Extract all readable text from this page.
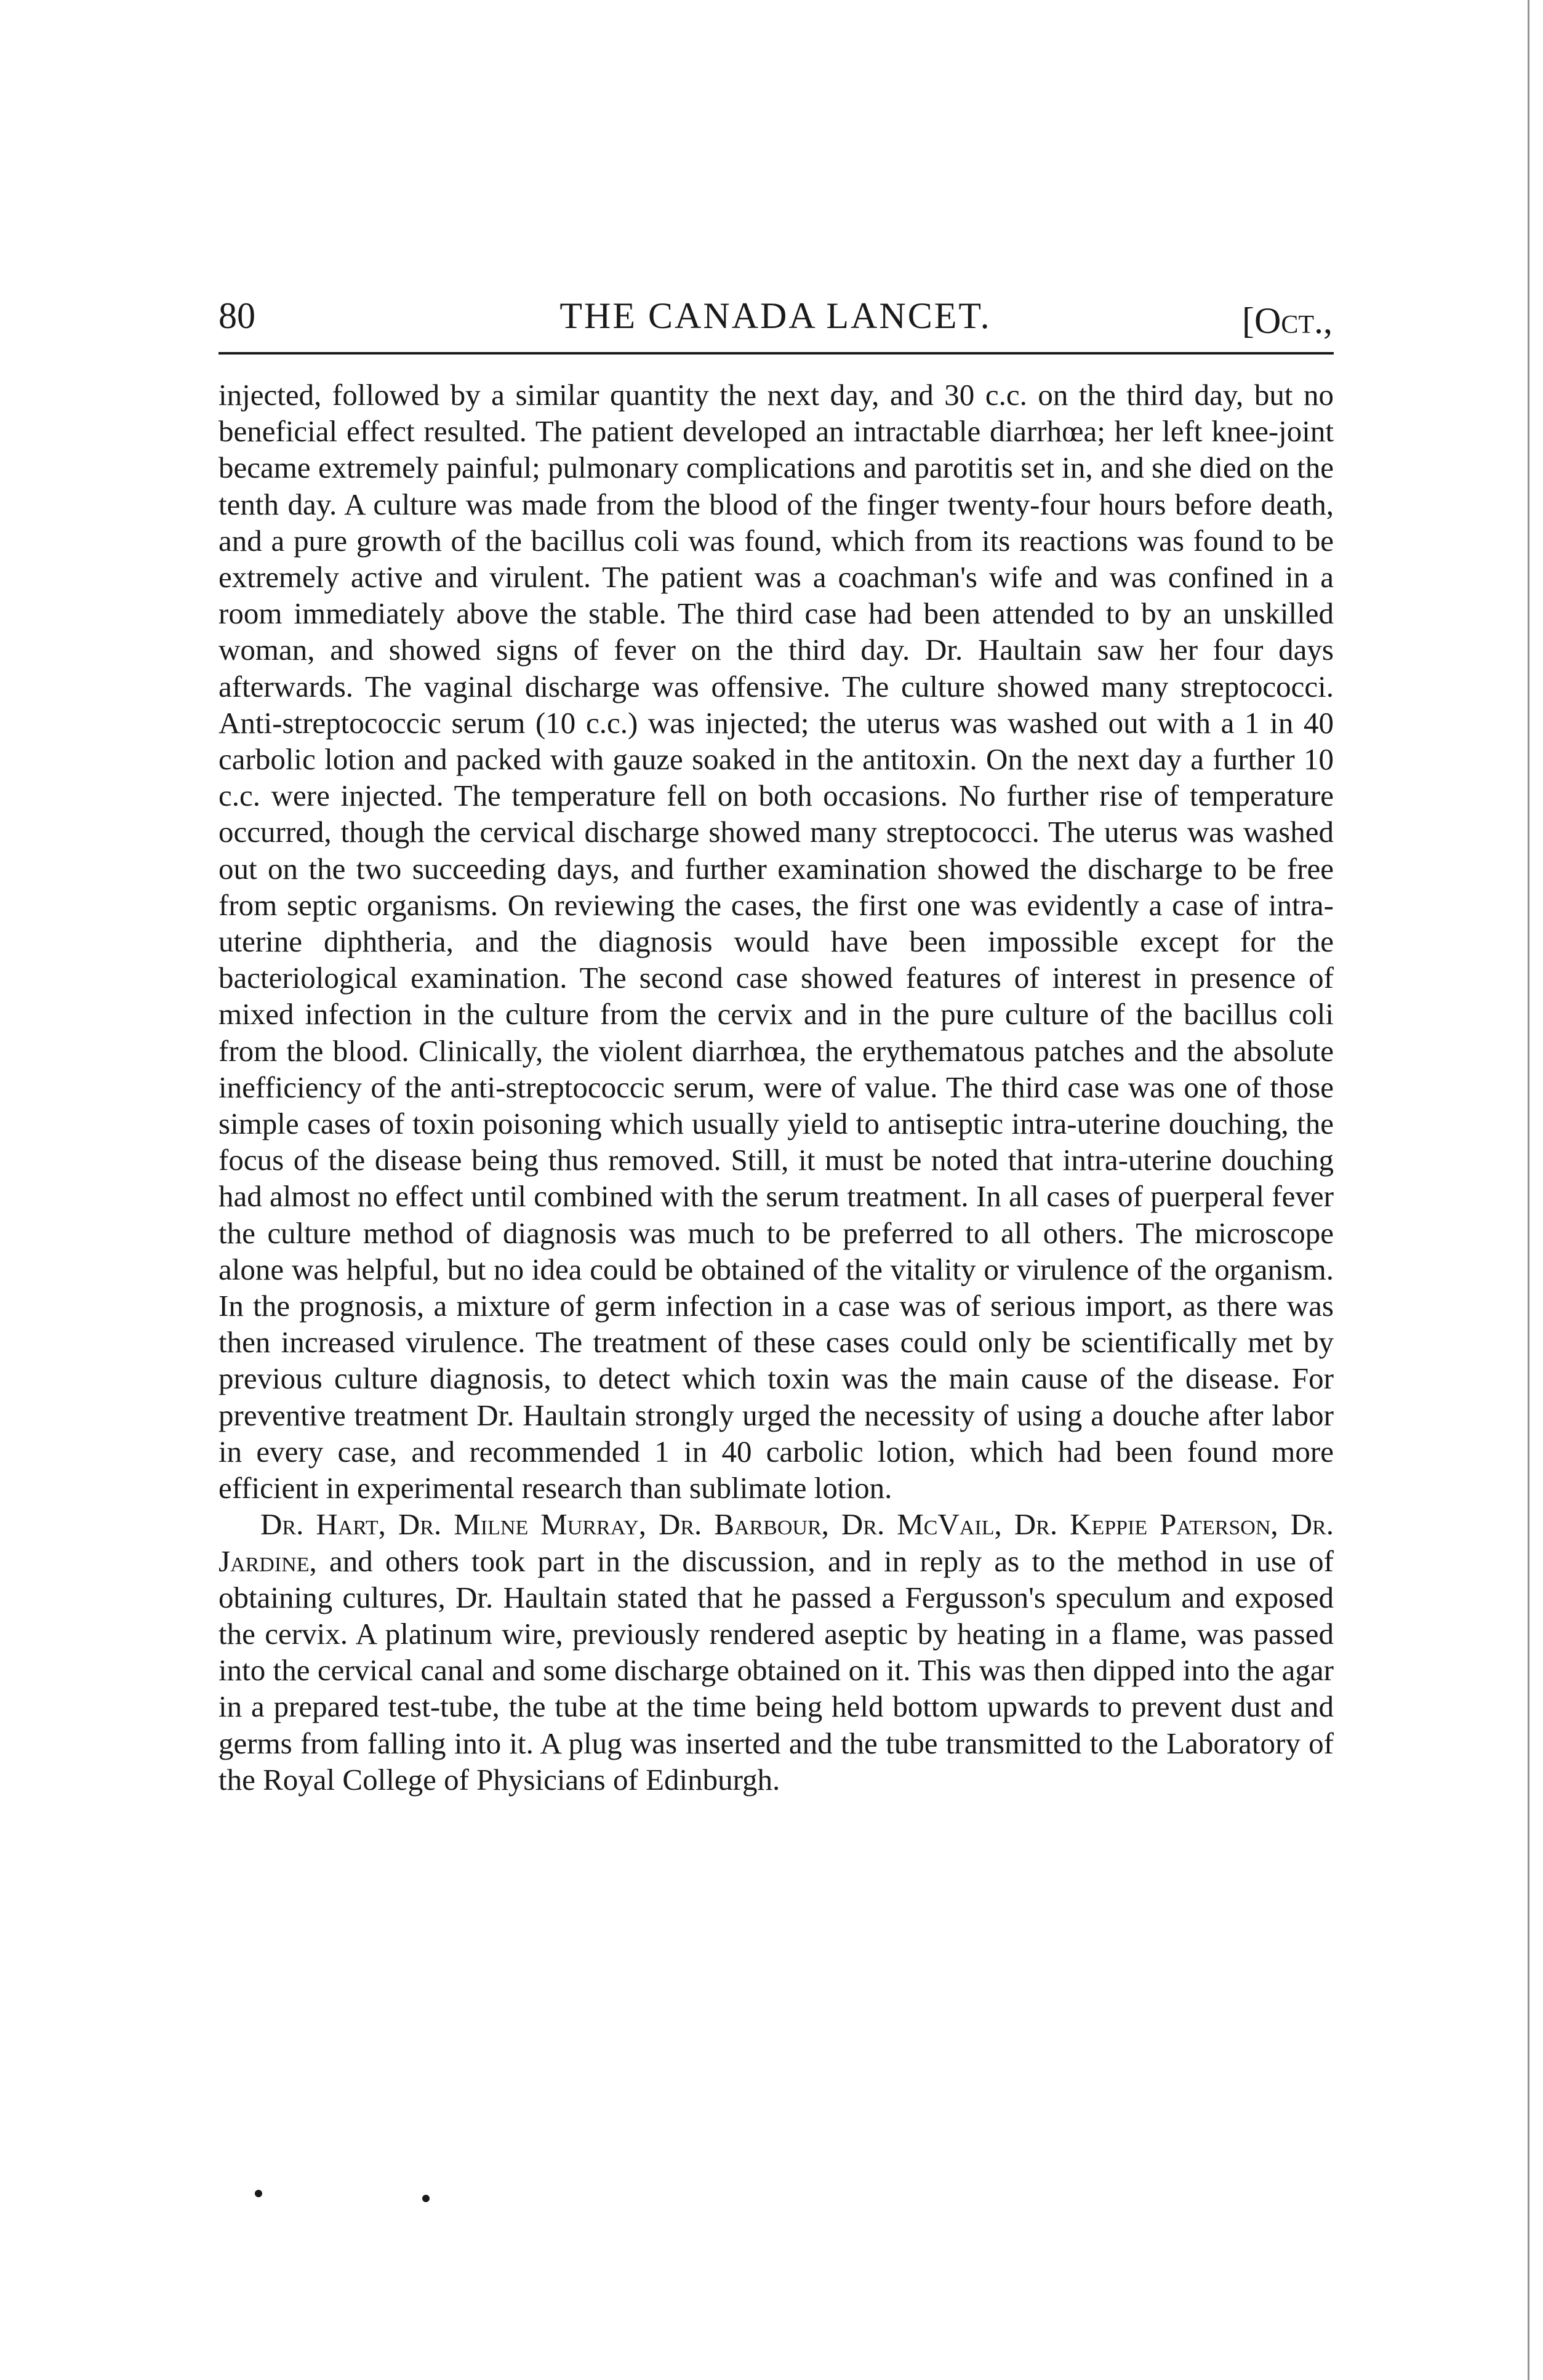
80	THE CANADA LANCET.	[Oct.,

injected, followed by a similar quantity the next day, and 30 c.c. on the third day, but no beneficial effect resulted. The patient developed an intractable diarrhœa; her left knee-joint became extremely painful; pulmonary complications and parotitis set in, and she died on the tenth day. A culture was made from the blood of the finger twenty-four hours before death, and a pure growth of the bacillus coli was found, which from its reactions was found to be extremely active and virulent. The patient was a coachman's wife and was confined in a room immediately above the stable. The third case had been attended to by an unskilled woman, and showed signs of fever on the third day. Dr. Haultain saw her four days afterwards. The vaginal discharge was offensive. The culture showed many streptococci. Anti-streptococcic serum (10 c.c.) was injected; the uterus was washed out with a 1 in 40 carbolic lotion and packed with gauze soaked in the antitoxin. On the next day a further 10 c.c. were injected. The temperature fell on both occasions. No further rise of temperature occurred, though the cervical discharge showed many streptococci. The uterus was washed out on the two succeeding days, and further examination showed the discharge to be free from septic organisms. On reviewing the cases, the first one was evidently a case of intra-uterine diphtheria, and the diagnosis would have been impossible except for the bacteriological examination. The second case showed features of interest in presence of mixed infection in the culture from the cervix and in the pure culture of the bacillus coli from the blood. Clinically, the violent diarrhœa, the erythematous patches and the absolute inefficiency of the anti-streptococcic serum, were of value. The third case was one of those simple cases of toxin poisoning which usually yield to antiseptic intra-uterine douching, the focus of the disease being thus removed. Still, it must be noted that intra-uterine douching had almost no effect until combined with the serum treatment. In all cases of puerperal fever the culture method of diagnosis was much to be preferred to all others. The microscope alone was helpful, but no idea could be obtained of the vitality or virulence of the organism. In the prognosis, a mixture of germ infection in a case was of serious import, as there was then increased virulence. The treatment of these cases could only be scientifically met by previous culture diagnosis, to detect which toxin was the main cause of the disease. For preventive treatment Dr. Haultain strongly urged the necessity of using a douche after labor in every case, and recommended 1 in 40 carbolic lotion, which had been found more efficient in experimental research than sublimate lotion.

Dr. Hart, Dr. Milne Murray, Dr. Barbour, Dr. McVail, Dr. Keppie Paterson, Dr. Jardine, and others took part in the discussion, and in reply as to the method in use of obtaining cultures, Dr. Haultain stated that he passed a Fergusson's speculum and exposed the cervix. A platinum wire, previously rendered aseptic by heating in a flame, was passed into the cervical canal and some discharge obtained on it. This was then dipped into the agar in a prepared test-tube, the tube at the time being held bottom upwards to prevent dust and germs from falling into it. A plug was inserted and the tube transmitted to the Laboratory of the Royal College of Physicians of Edinburgh.
